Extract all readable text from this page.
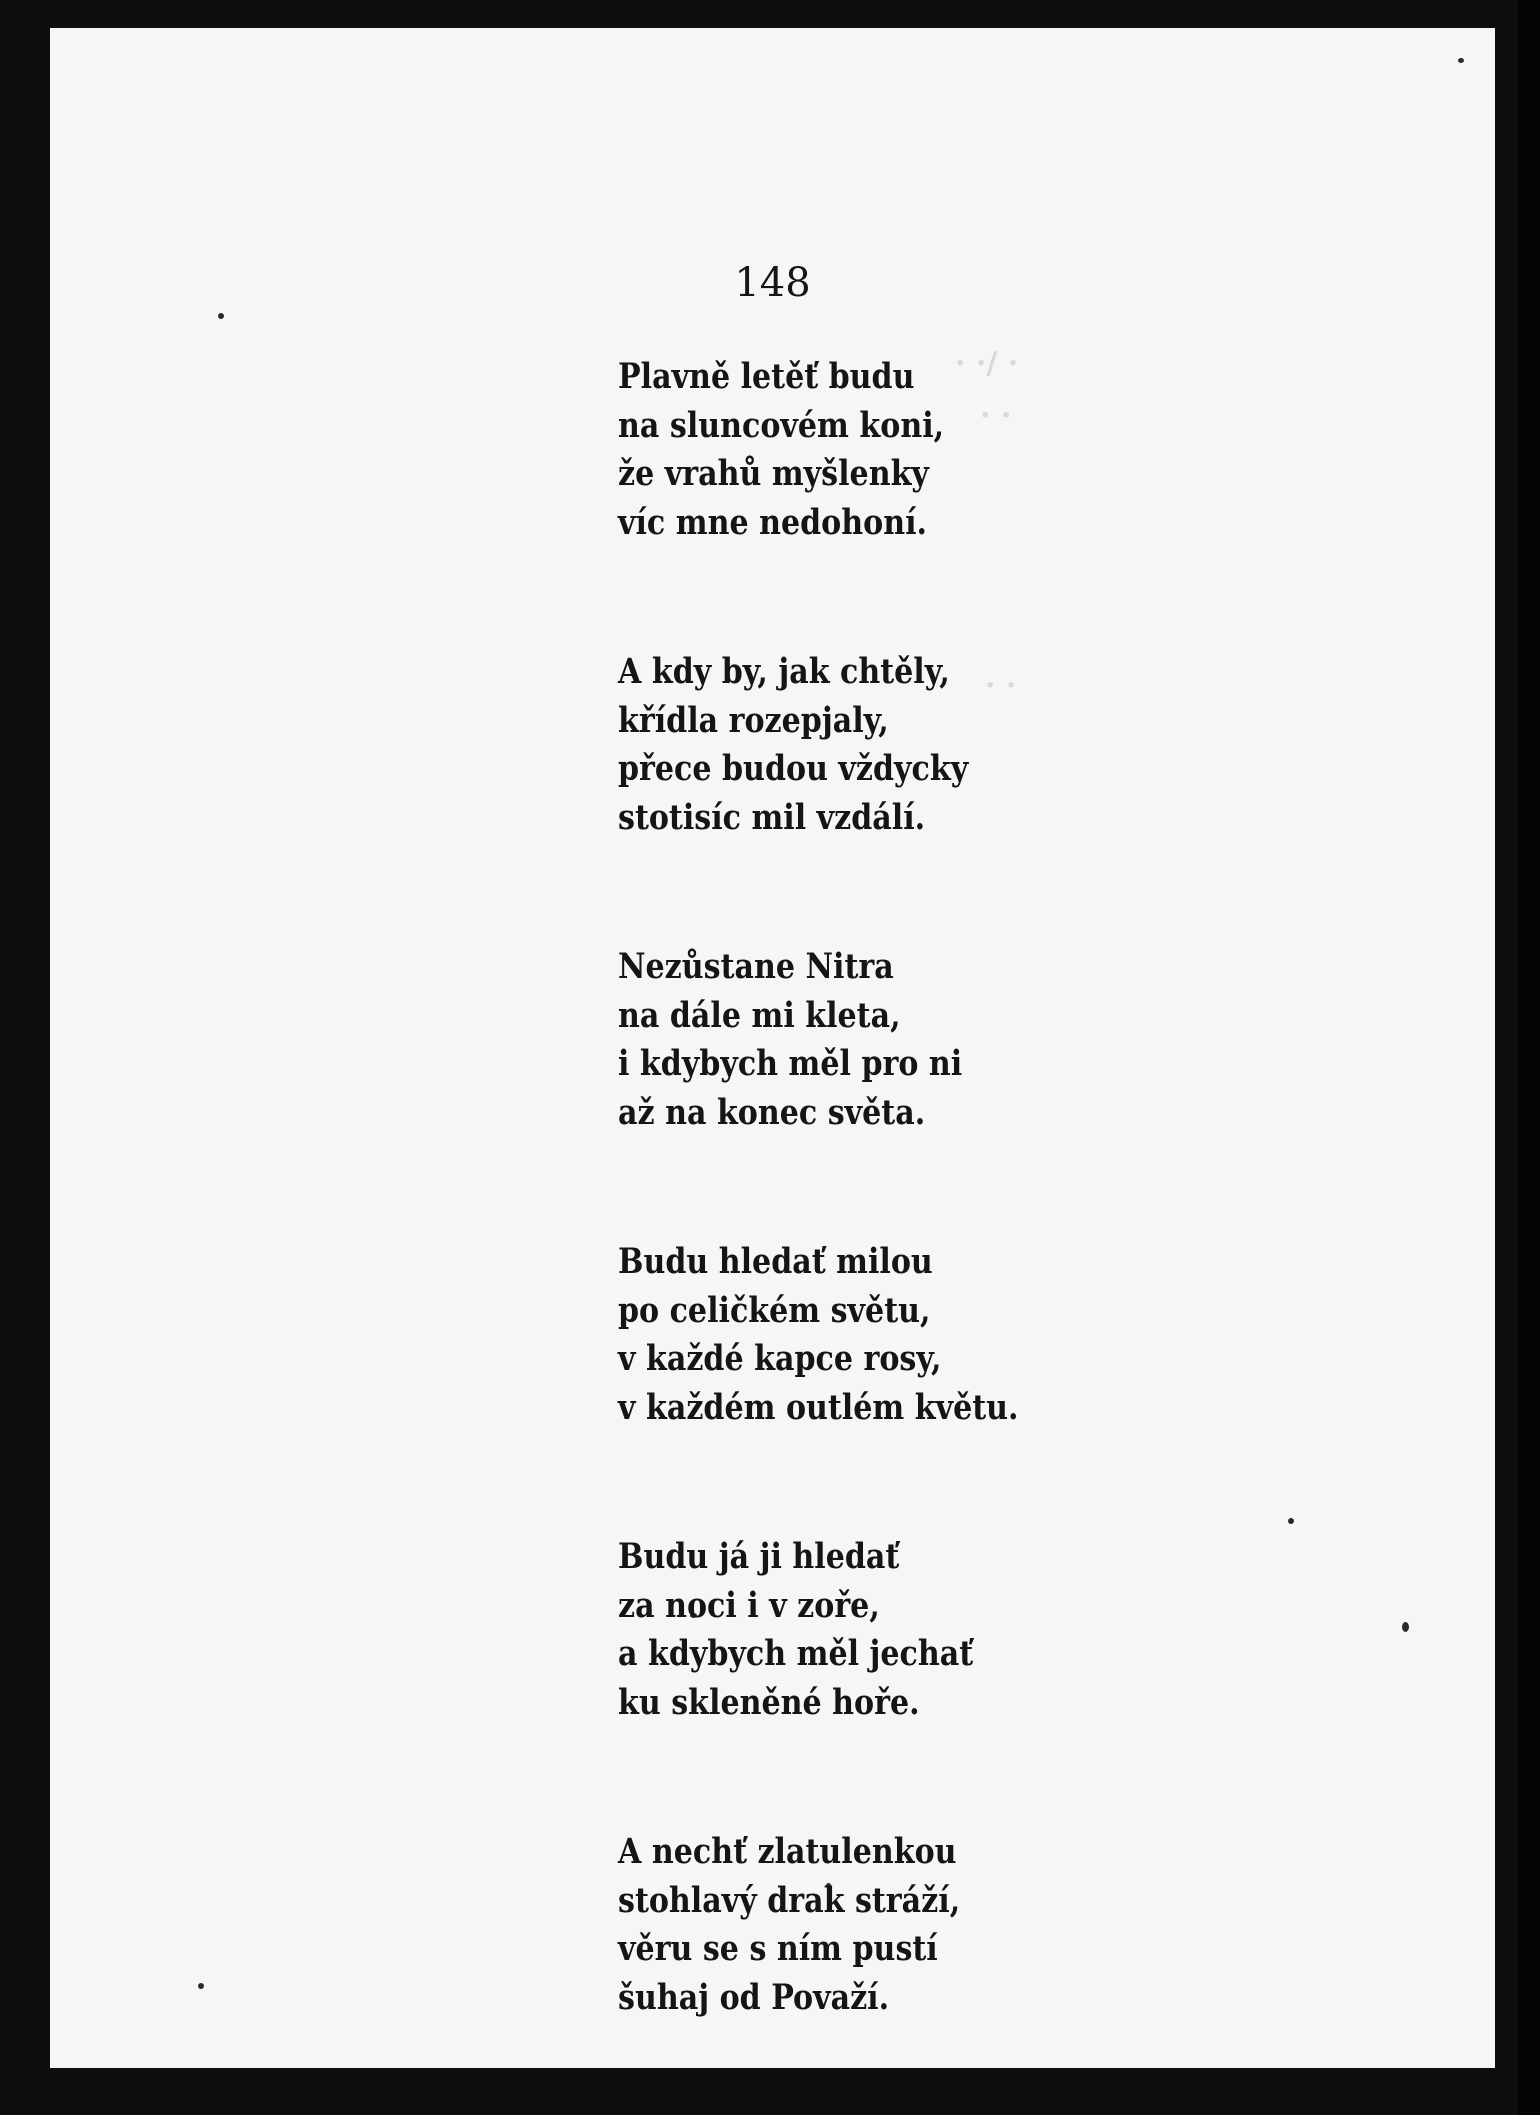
148

· ·/ ·
· ·
· ·
Plavně letěť budu
na sluncovém koni,
že vrahů myšlenky
víc mne nedohoní.
A kdy by, jak chtěly,
křídla rozepjaly,
přece budou vždycky
stotisíc mil vzdálí.
Nezůstane Nitra
na dále mi kleta,
i kdybych měl pro ni
až na konec světa.
Budu hledať milou
po celičkém světu,
v každé kapce rosy,
v každém outlém květu.
Budu já ji hledať
za noci i v zoře,
a kdybych měl jechať
ku skleněné hoře.
A nechť zlatulenkou
stohlavý drak stráží,
věru se s ním pustí
šuhaj od Považí.
